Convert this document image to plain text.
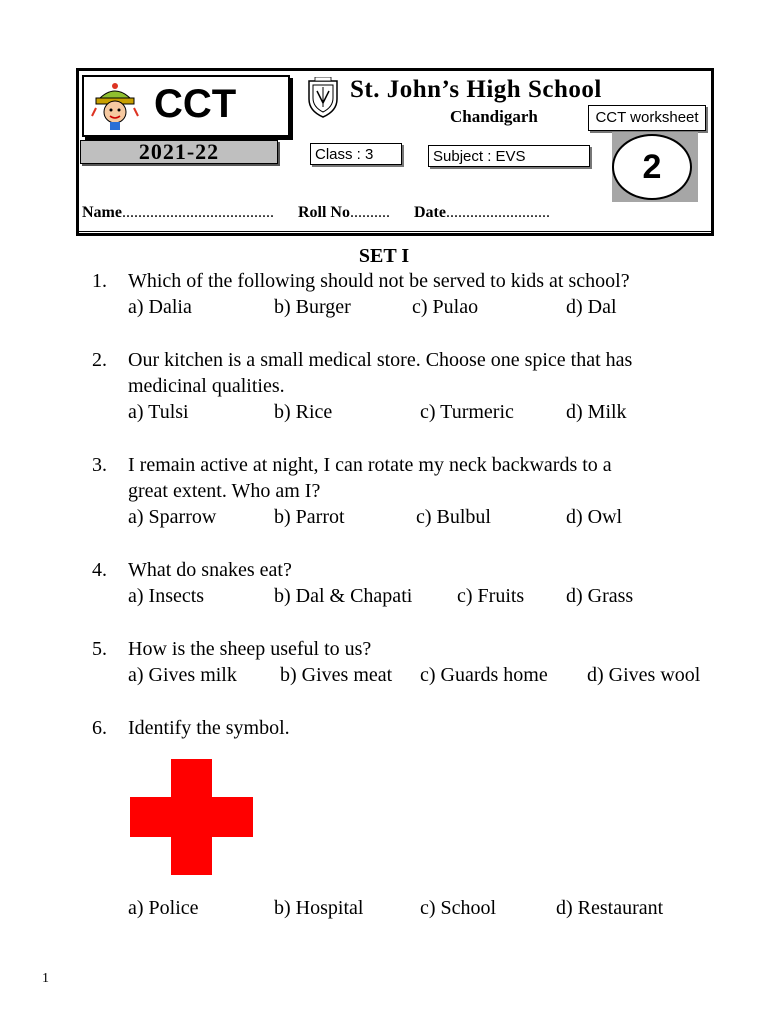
CCT
2021-22
St. John’s High School
Chandigarh	CCT worksheet
Class : 3	Subject : EVS	2
Name...................................... Roll No.......... Date..........................
SET I
1. Which of the following should not be served to kids at school?
a) Dalia	b) Burger	c) Pulao	d) Dal
2. Our kitchen is a small medical store. Choose one spice that has
medicinal qualities.
a) Tulsi	b) Rice	c) Turmeric	d) Milk
3. I remain active at night, I can rotate my neck backwards to a
great extent. Who am I?
a) Sparrow	b) Parrot	c) Bulbul	d) Owl
4. What do snakes eat?
a) Insects	b) Dal & Chapati c) Fruits d) Grass
5. How is the sheep useful to us?
a) Gives milk b) Gives meat c) Guards home d) Gives wool
6. Identify the symbol.
a) Police	b) Hospital	c) School	d) Restaurant
1
